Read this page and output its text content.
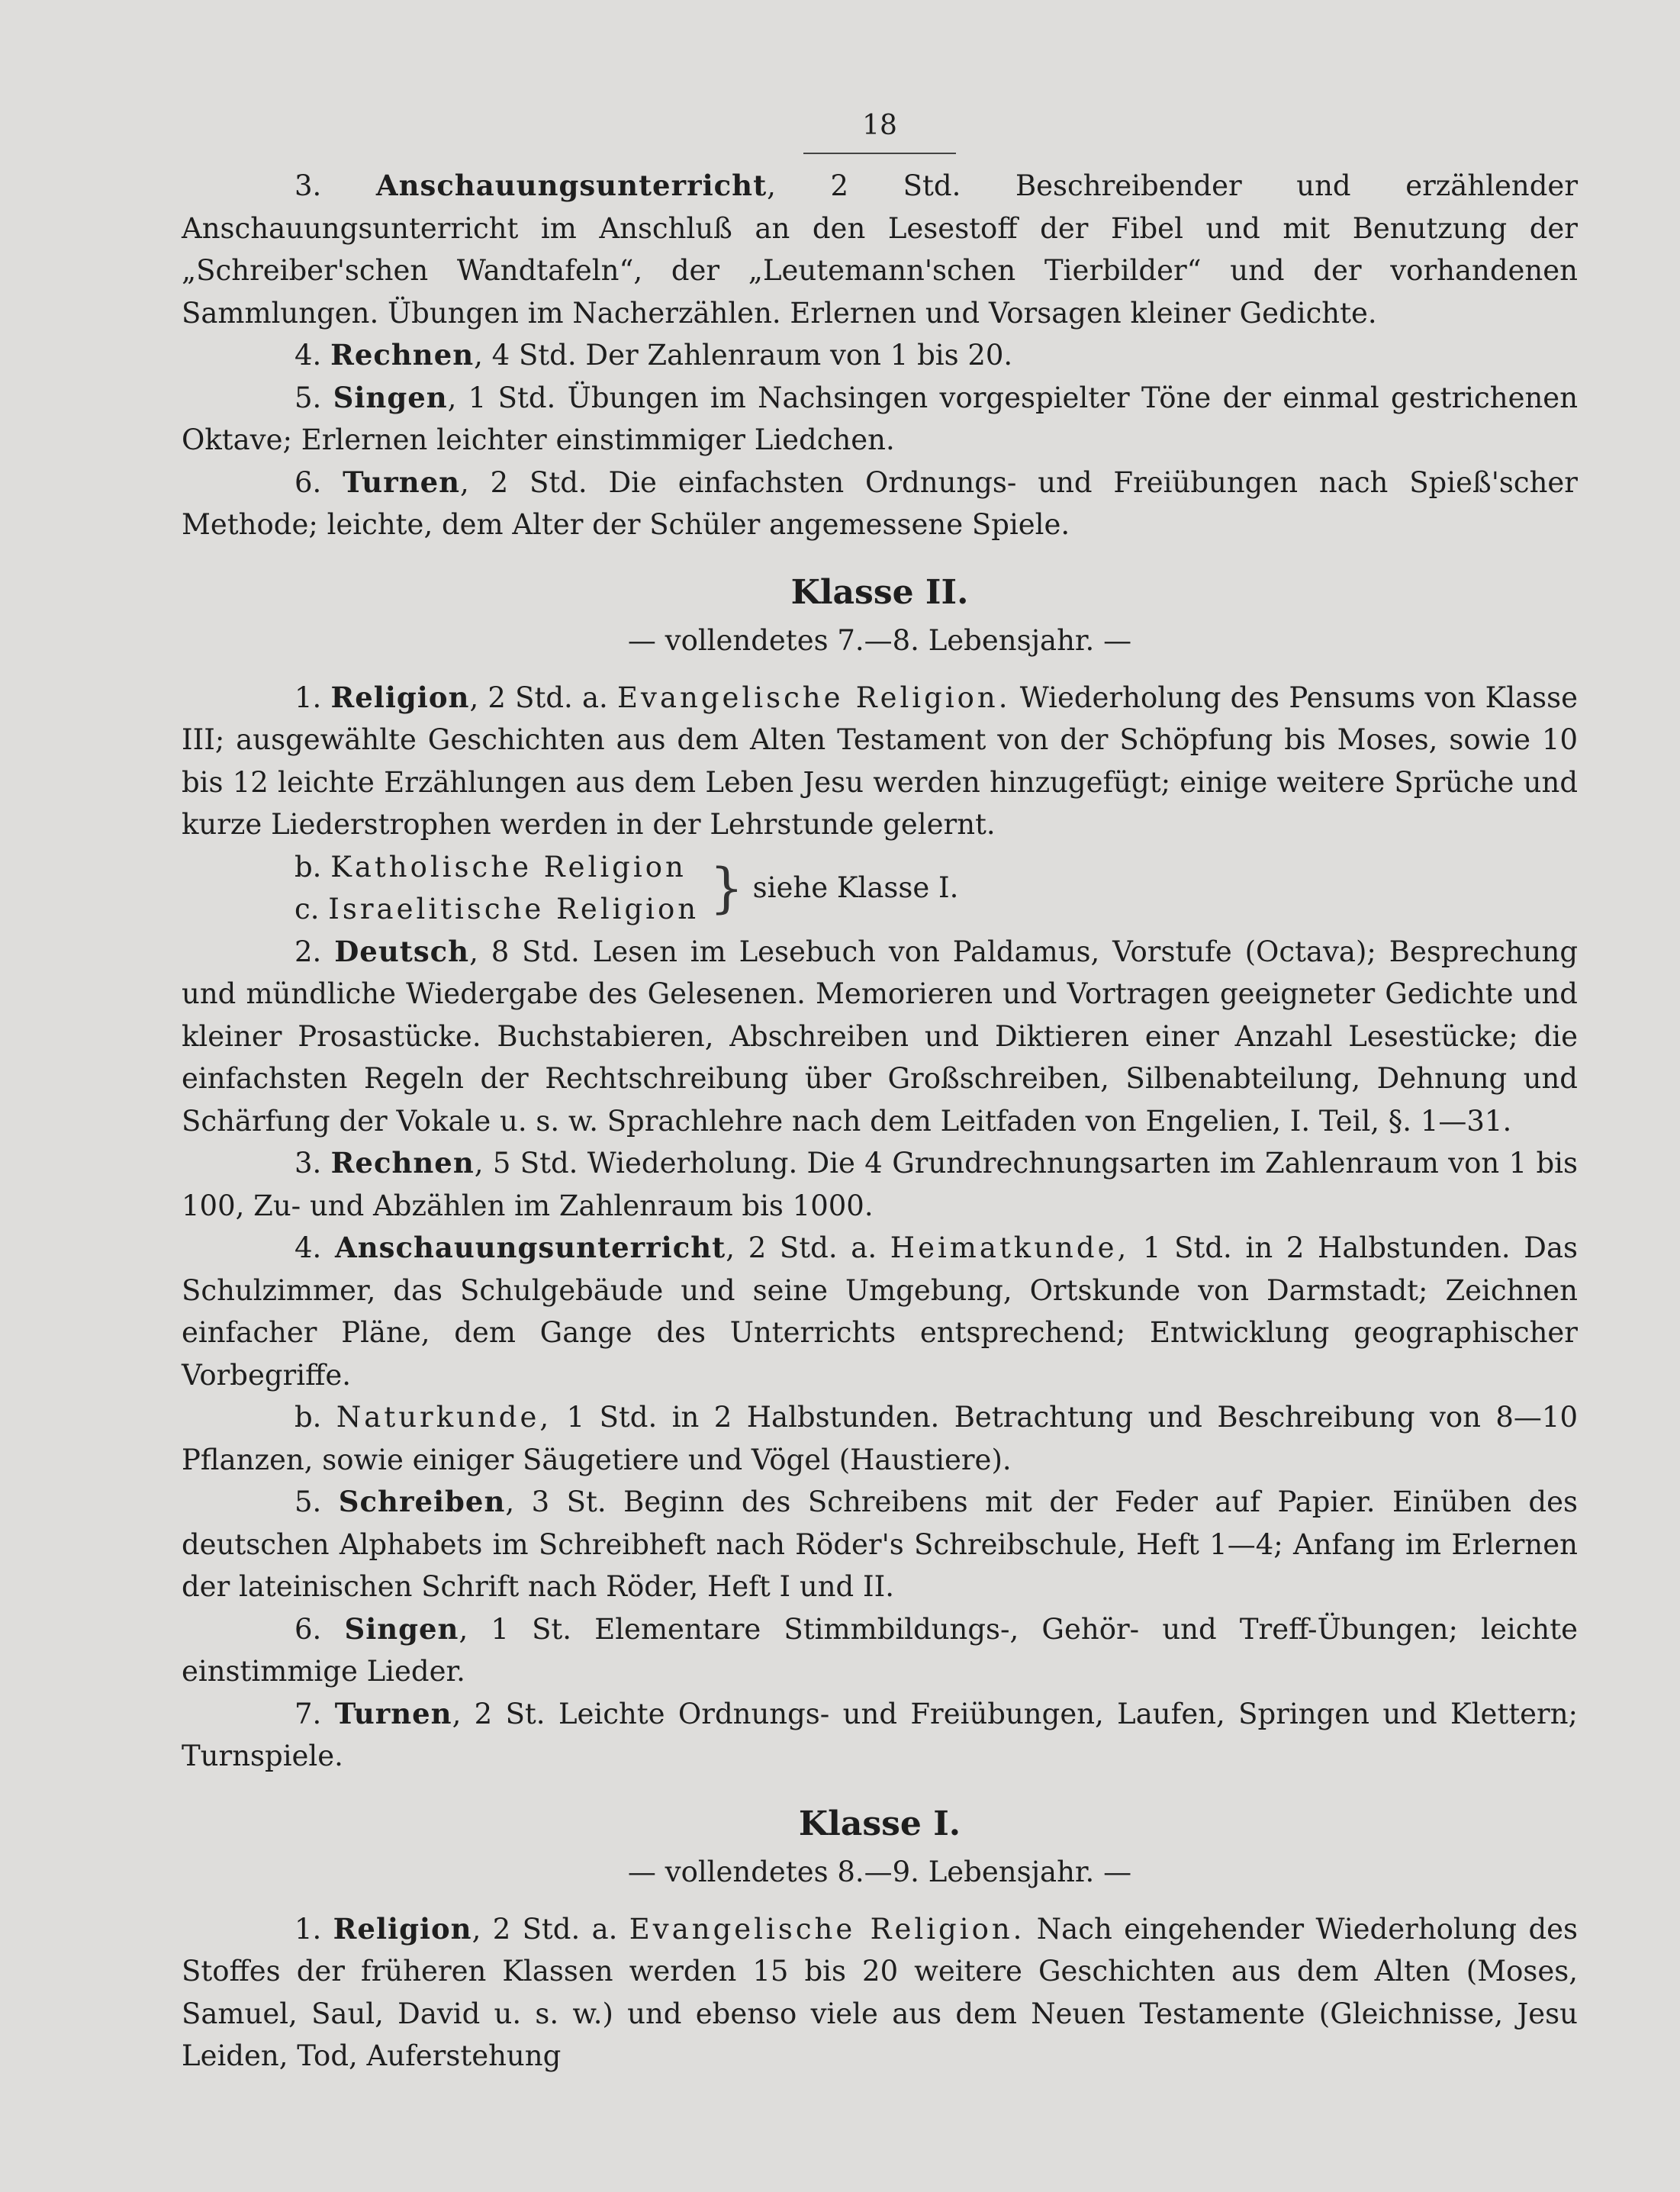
18

3. Anschauungsunterricht, 2 Std. Beschreibender und erzählender Anschauungsunterricht im Anschluß an den Lesestoff der Fibel und mit Benutzung der „Schreiber'schen Wandtafeln“, der „Leutemann'schen Tierbilder“ und der vorhandenen Sammlungen. Übungen im Nacherzählen. Erlernen und Vorsagen kleiner Gedichte.

4. Rechnen, 4 Std. Der Zahlenraum von 1 bis 20.

5. Singen, 1 Std. Übungen im Nachsingen vorgespielter Töne der einmal gestrichenen Oktave; Erlernen leichter einstimmiger Liedchen.

6. Turnen, 2 Std. Die einfachsten Ordnungs- und Freiübungen nach Spieß'scher Methode; leichte, dem Alter der Schüler angemessene Spiele.

Klasse II.
— vollendetes 7.—8. Lebensjahr. —

1. Religion, 2 Std. a. Evangelische Religion. Wiederholung des Pensums von Klasse III; ausgewählte Geschichten aus dem Alten Testament von der Schöpfung bis Moses, sowie 10 bis 12 leichte Erzählungen aus dem Leben Jesu werden hinzugefügt; einige weitere Sprüche und kurze Liederstrophen werden in der Lehrstunde gelernt.

b. Katholische Religion
c. Israelitische Religion } siehe Klasse I.

2. Deutsch, 8 Std. Lesen im Lesebuch von Paldamus, Vorstufe (Octava); Besprechung und mündliche Wiedergabe des Gelesenen. Memorieren und Vortragen geeigneter Gedichte und kleiner Prosastücke. Buchstabieren, Abschreiben und Diktieren einer Anzahl Lesestücke; die einfachsten Regeln der Rechtschreibung über Großschreiben, Silbenabteilung, Dehnung und Schärfung der Vokale u. s. w. Sprachlehre nach dem Leitfaden von Engelien, I. Teil, §. 1—31.

3. Rechnen, 5 Std. Wiederholung. Die 4 Grundrechnungsarten im Zahlenraum von 1 bis 100, Zu- und Abzählen im Zahlenraum bis 1000.

4. Anschauungsunterricht, 2 Std. a. Heimatkunde, 1 Std. in 2 Halbstunden. Das Schulzimmer, das Schulgebäude und seine Umgebung, Ortskunde von Darmstadt; Zeichnen einfacher Pläne, dem Gange des Unterrichts entsprechend; Entwicklung geographischer Vorbegriffe.

b. Naturkunde, 1 Std. in 2 Halbstunden. Betrachtung und Beschreibung von 8—10 Pflanzen, sowie einiger Säugetiere und Vögel (Haustiere).

5. Schreiben, 3 St. Beginn des Schreibens mit der Feder auf Papier. Einüben des deutschen Alphabets im Schreibheft nach Röder's Schreibschule, Heft 1—4; Anfang im Erlernen der lateinischen Schrift nach Röder, Heft I und II.

6. Singen, 1 St. Elementare Stimmbildungs-, Gehör- und Treff-Übungen; leichte einstimmige Lieder.

7. Turnen, 2 St. Leichte Ordnungs- und Freiübungen, Laufen, Springen und Klettern; Turnspiele.

Klasse I.
— vollendetes 8.—9. Lebensjahr. —

1. Religion, 2 Std. a. Evangelische Religion. Nach eingehender Wiederholung des Stoffes der früheren Klassen werden 15 bis 20 weitere Geschichten aus dem Alten (Moses, Samuel, Saul, David u. s. w.) und ebenso viele aus dem Neuen Testamente (Gleichnisse, Jesu Leiden, Tod, Auferstehung
